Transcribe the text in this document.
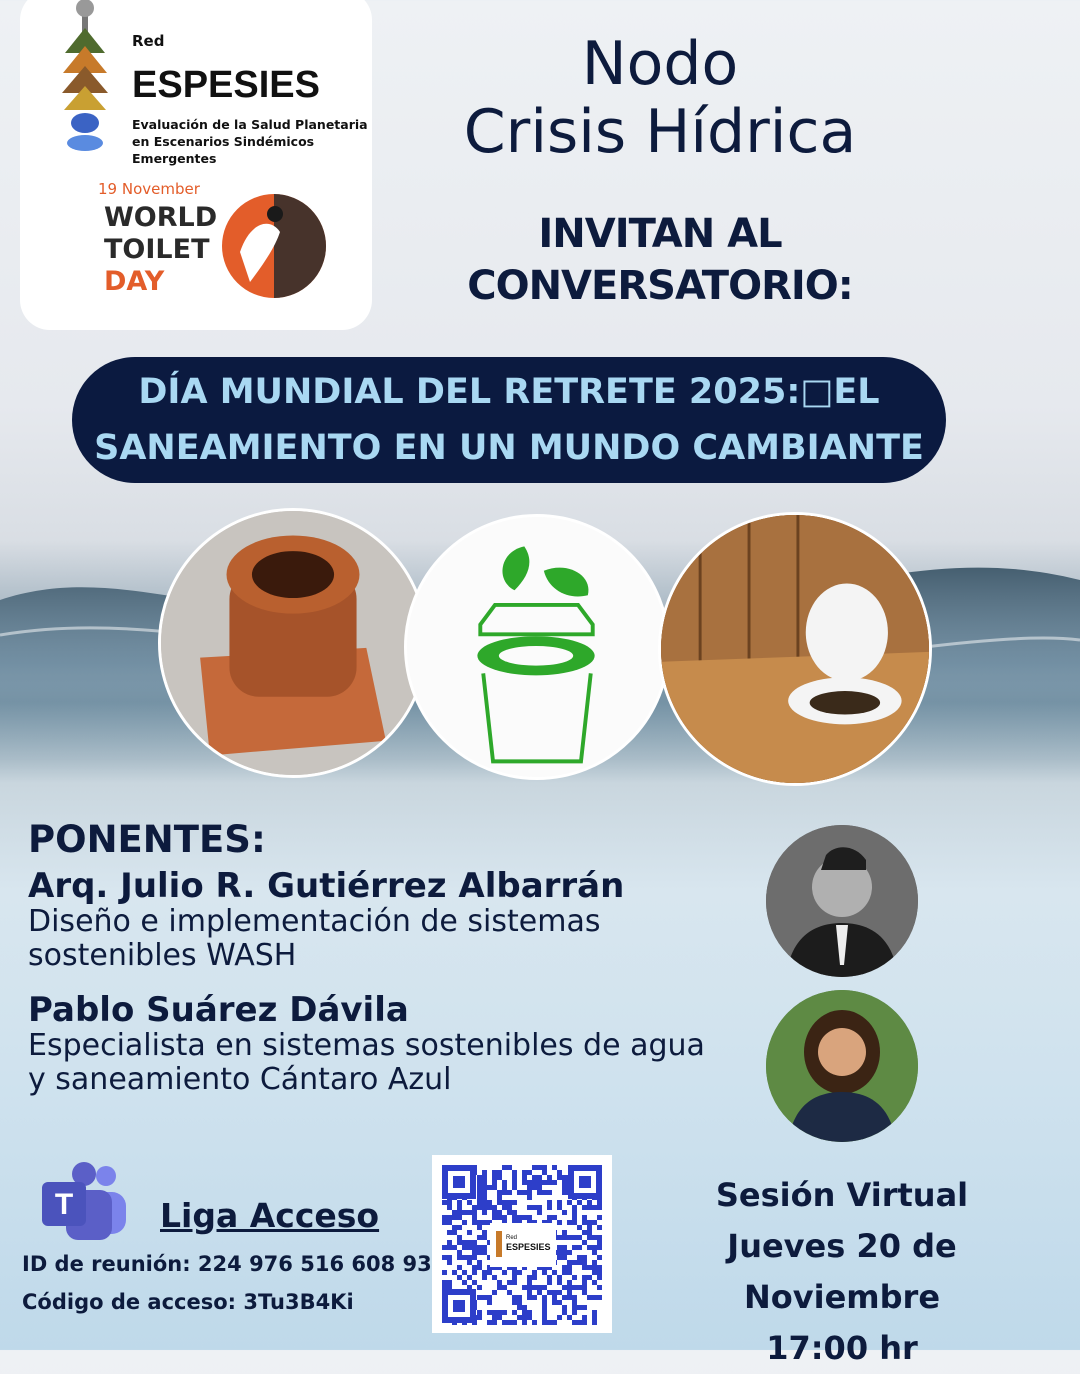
Red
ESPESIES
Evaluación de la Salud Planetaria en Escenarios Sindémicos Emergentes
19 November
WORLD
TOILET
DAY
Nodo
Crisis Hídrica
INVITAN AL
CONVERSATORIO:
DÍA MUNDIAL DEL RETRETE 2025:□EL SANEAMIENTO EN UN MUNDO CAMBIANTE
PONENTES:
Arq. Julio R. Gutiérrez Albarrán
Diseño e implementación de sistemas sostenibles WASH
Pablo Suárez Dávila
Especialista en sistemas sostenibles de agua y saneamiento Cántaro Azul
T	Liga Acceso
ID de reunión: 224 976 516 608 93
Código de acceso: 3Tu3B4Ki
Red
ESPESIES
Sesión Virtual
Jueves 20 de Noviembre
17:00 hr
